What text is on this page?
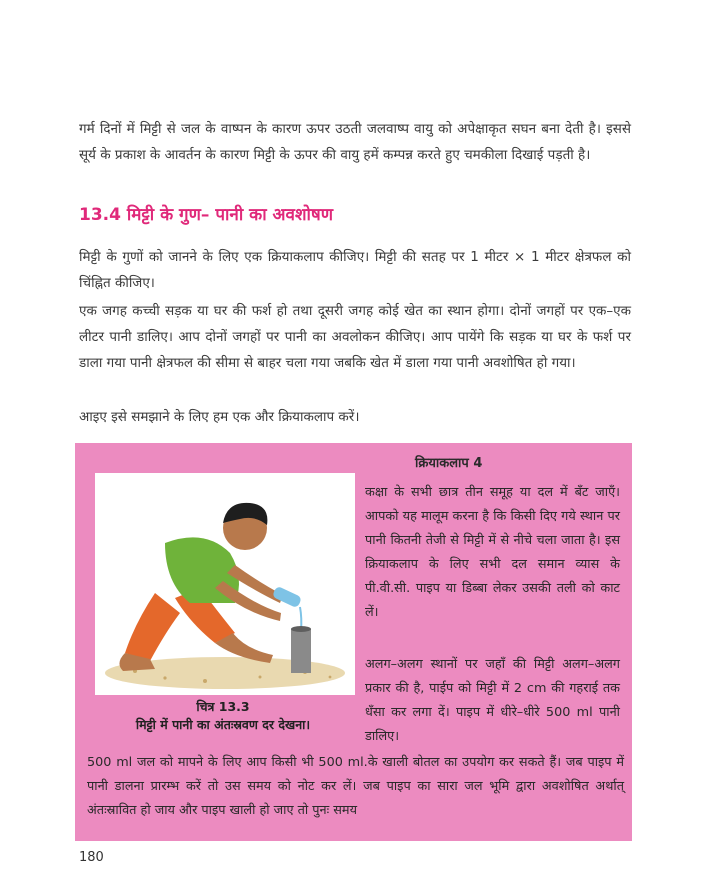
गर्म दिनों में मिट्टी से जल के वाष्पन के कारण ऊपर उठती जलवाष्प वायु को अपेक्षाकृत सघन बना देती है। इससे सूर्य के प्रकाश के आवर्तन के कारण मिट्टी के ऊपर की वायु हमें कम्पन्न करते हुए चमकीला दिखाई पड़ती है।

13.4 मिट्टी के गुण– पानी का अवशोषण

मिट्टी के गुणों को जानने के लिए एक क्रियाकलाप कीजिए। मिट्टी की सतह पर 1 मीटर × 1 मीटर क्षेत्रफल को चिंह्नित कीजिए।

एक जगह कच्ची सड़क या घर की फर्श हो तथा दूसरी जगह कोई खेत का स्थान होगा। दोनों जगहों पर एक–एक लीटर पानी डालिए। आप दोनों जगहों पर पानी का अवलोकन कीजिए। आप पायेंगे कि सड़क या घर के फर्श पर डाला गया पानी क्षेत्रफल की सीमा से बाहर चला गया जबकि खेत में डाला गया पानी अवशोषित हो गया।

आइए इसे समझाने के लिए हम एक और क्रियाकलाप करें।

क्रियाकलाप 4
चित्र 13.3
मिट्टी में पानी का अंतःस्रवण दर देखना।

कक्षा के सभी छात्र तीन समूह या दल में बँट जाएँ। आपको यह मालूम करना है कि किसी दिए गये स्थान पर पानी कितनी तेजी से मिट्टी में से नीचे चला जाता है। इस क्रियाकलाप के लिए सभी दल समान व्यास के पी.वी.सी. पाइप या डिब्बा लेकर उसकी तली को काट लें।

अलग–अलग स्थानों पर जहाँ की मिट्टी अलग–अलग प्रकार की है, पाईप को मिट्टी में 2 cm की गहराई तक धँसा कर लगा दें। पाइप में धीरे–धीरे 500 ml पानी डालिए।

500 ml जल को मापने के लिए आप किसी भी 500 ml.के खाली बोतल का उपयोग कर सकते हैं। जब पाइप में पानी डालना प्रारम्भ करें तो उस समय को नोट कर लें। जब पाइप का सारा जल भूमि द्वारा अवशोषित अर्थात् अंतःस्रावित हो जाय और पाइप खाली हो जाए तो पुनः समय

180
